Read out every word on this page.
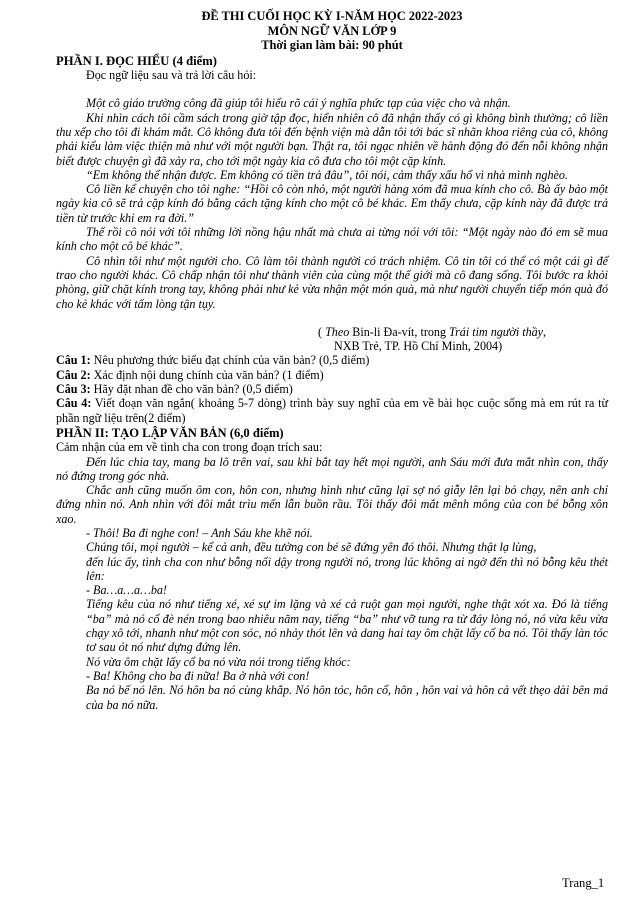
ĐỀ THI CUỐI HỌC KỲ I-NĂM HỌC 2022-2023
MÔN NGỮ VĂN LỚP 9
Thời gian làm bài: 90 phút
PHẦN I. ĐỌC HIỂU (4 điểm)
Đọc ngữ liệu sau và trả lời câu hỏi:
Một cô giáo trường công đã giúp tôi hiểu rõ cái ý nghĩa phức tạp của việc cho và nhận.
Khi nhìn cách tôi cầm sách trong giờ tập đọc, hiển nhiên cô đã nhận thấy có gì không bình thường; cô liền thu xếp cho tôi đi khám mắt. Cô không đưa tôi đến bệnh viện mà dẫn tôi tới bác sĩ nhãn khoa riêng của cô, không phải kiểu làm việc thiện mà như với một người bạn. Thật ra, tôi ngạc nhiên về hành động đó đến nỗi không nhận biết được chuyện gì đã xảy ra, cho tới một ngày kia cô đưa cho tôi một cặp kính.
“Em không thể nhận được. Em không có tiền trả đâu”, tôi nói, cảm thấy xấu hổ vì nhà mình nghèo.
Cô liền kể chuyện cho tôi nghe: “Hồi cô còn nhỏ, một người hàng xóm đã mua kính cho cô. Bà ấy bảo một ngày kia cô sẽ trả cặp kính đó bằng cách tặng kính cho một cô bé khác. Em thấy chưa, cặp kính này đã được trả tiền từ trước khi em ra đời.”
Thế rồi cô nói với tôi những lời nồng hậu nhất mà chưa ai từng nói với tôi: “Một ngày nào đó em sẽ mua kính cho một cô bé khác”.
Cô nhìn tôi như một người cho. Cô làm tôi thành người có trách nhiệm. Cô tin tôi có thể có một cái gì để trao cho người khác. Cô chấp nhận tôi như thành viên của cùng một thế giới mà cô đang sống. Tôi bước ra khỏi phòng, giữ chặt kính trong tay, không phải như kẻ vừa nhận một món quà, mà như người chuyển tiếp món quà đó cho kẻ khác với tấm lòng tận tụy.
( Theo Bin-li Đa-vít, trong Trái tim người thầy,
NXB Trẻ, TP. Hồ Chí Minh, 2004)
Câu 1: Nêu phương thức biểu đạt chính của văn bản? (0,5 điểm)
Câu 2: Xác định nội dung chính của văn bản? (1 điểm)
Câu 3: Hãy đặt nhan đề cho văn bản? (0,5 điểm)
Câu 4: Viết đoạn văn ngắn( khoảng 5-7 dòng) trình bày suy nghĩ của em về bài học cuộc sống mà em rút ra từ phần ngữ liệu trên(2 điểm)
PHẦN II: TẠO LẬP VĂN BẢN (6,0 điểm)
Cảm nhận của em về tình cha con trong đoạn trích sau:
Đến lúc chia tay, mang ba lô trên vai, sau khi bắt tay hết mọi người, anh Sáu mới đưa mắt nhìn con, thấy nó đứng trong góc nhà.
Chắc anh cũng muốn ôm con, hôn con, nhưng hình như cũng lại sợ nó giẫy lên lại bỏ chạy, nên anh chỉ đứng nhìn nó. Anh nhìn với đôi mắt trìu mến lẫn buồn rầu. Tôi thấy đôi mắt mênh mông của con bé bỗng xôn xao.
- Thôi! Ba đi nghe con! – Anh Sáu khe khẽ nói.
Chúng tôi, mọi người – kể cả anh, đều tưởng con bé sẽ đứng yên đó thôi. Nhưng thật lạ lùng,
đến lúc ấy, tình cha con như bỗng nổi dậy trong người nó, trong lúc không ai ngờ đến thì nó bỗng kêu thét lên:
- Ba…a…a…ba!
Tiếng kêu của nó như tiếng xé, xé sự im lặng và xé cả ruột gan mọi người, nghe thật xót xa. Đó là tiếng “ba” mà nó cố đè nén trong bao nhiêu năm nay, tiếng “ba” như vỡ tung ra từ đáy lòng nó, nó vừa kêu vừa chạy xô tới, nhanh như một con sóc, nó nhảy thót lên và dang hai tay ôm chặt lấy cổ ba nó. Tôi thấy làn tóc tơ sau ót nó như dựng đứng lên.
Nó vừa ôm chặt lấy cổ ba nó vừa nói trong tiếng khóc:
- Ba! Không cho ba đi nữa! Ba ở nhà với con!
Ba nó bế nó lên. Nó hôn ba nó cùng khắp. Nó hôn tóc, hôn cổ, hôn , hôn vai và hôn cả vết thẹo dài bên má của ba nó nữa.
Trang_1
